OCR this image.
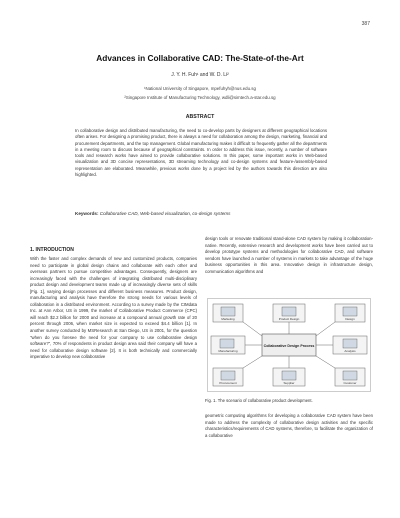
387
Advances in Collaborative CAD: The-State-of-the-Art
J. Y. H. Fuh¹ and W. D. Li²
¹National University of Singapore, mpefuhyh@nus.edu.sg
²Singapore Institute of Manufacturing Technology, wdli@simtech.a-star.edu.sg
ABSTRACT

In collaborative design and distributed manufacturing, the need to co-develop parts by designers at different geographical locations often arises. For designing a promising product, there is always a need for collaboration among the design, marketing, financial and procurement departments, and the top management. Global manufacturing makes it difficult to frequently gather all the departments in a meeting room to discuss because of geographical constraints. In order to address this issue, recently, a number of software tools and research works have aimed to provide collaborative solutions. In this paper, some important works in Web-based visualization and 3D concise representations, 3D streaming technology and co-design systems and feature-/assembly-based representation are elaborated. Meanwhile, previous works done by a project led by the authors towards this direction are also highlighted.

Keywords: Collaborative CAD, Web-based visualization, co-design systems
1. INTRODUCTION

With the faster and complex demands of new and customized products, companies need to participate in global design chains and collaborate with each other and overseas partners to pursue competitive advantages. Consequently, designers are increasingly faced with the challenges of integrating distributed multi-disciplinary product design and development teams made up of increasingly diverse sets of skills [Fig. 1], varying design processes and different business measures. Product design, manufacturing and analysis have therefore the strong needs for various levels of collaboration in a distributed environment. According to a survey made by the CIMdata Inc. at Ann Arbor, US in 1999, the market of Collaborative Product Commerce (CPC) will reach $2.2 billion for 2000 and increase at a compound annual growth rate of 20 percent through 2006, when market size is expected to exceed $4.4 billion [1]. In another survey conducted by MSResearch at San Diego, US in 2001, for the question "when do you foresee the need for your company to use collaborative design software?", 70% of respondents in product design area said their company will have a need for collaborative design software [2]. It is both technically and commercially imperative to develop new collaborative

design tools or renovate traditional stand-alone CAD system by making it collaboration-native. Recently, extensive research and development works have been carried out to develop prototype systems and methodologies for collaborative CAD, and software vendors have launched a number of systems in markets to take advantage of the huge business opportunities in this area. Innovative design in infrastructure design, communication algorithms and

Collaborative Design Process
Marketing	Product Design	Design
Manufacturing	Analysis
Procurement	Supplier	Customer
Fig. 1. The scenario of collaborative product development.

geometric computing algorithms for developing a collaborative CAD system have been made to address the complexity of collaborative design activities and the specific characteristics/requirements of CAD systems, therefore, to facilitate the organization of a collaborative
